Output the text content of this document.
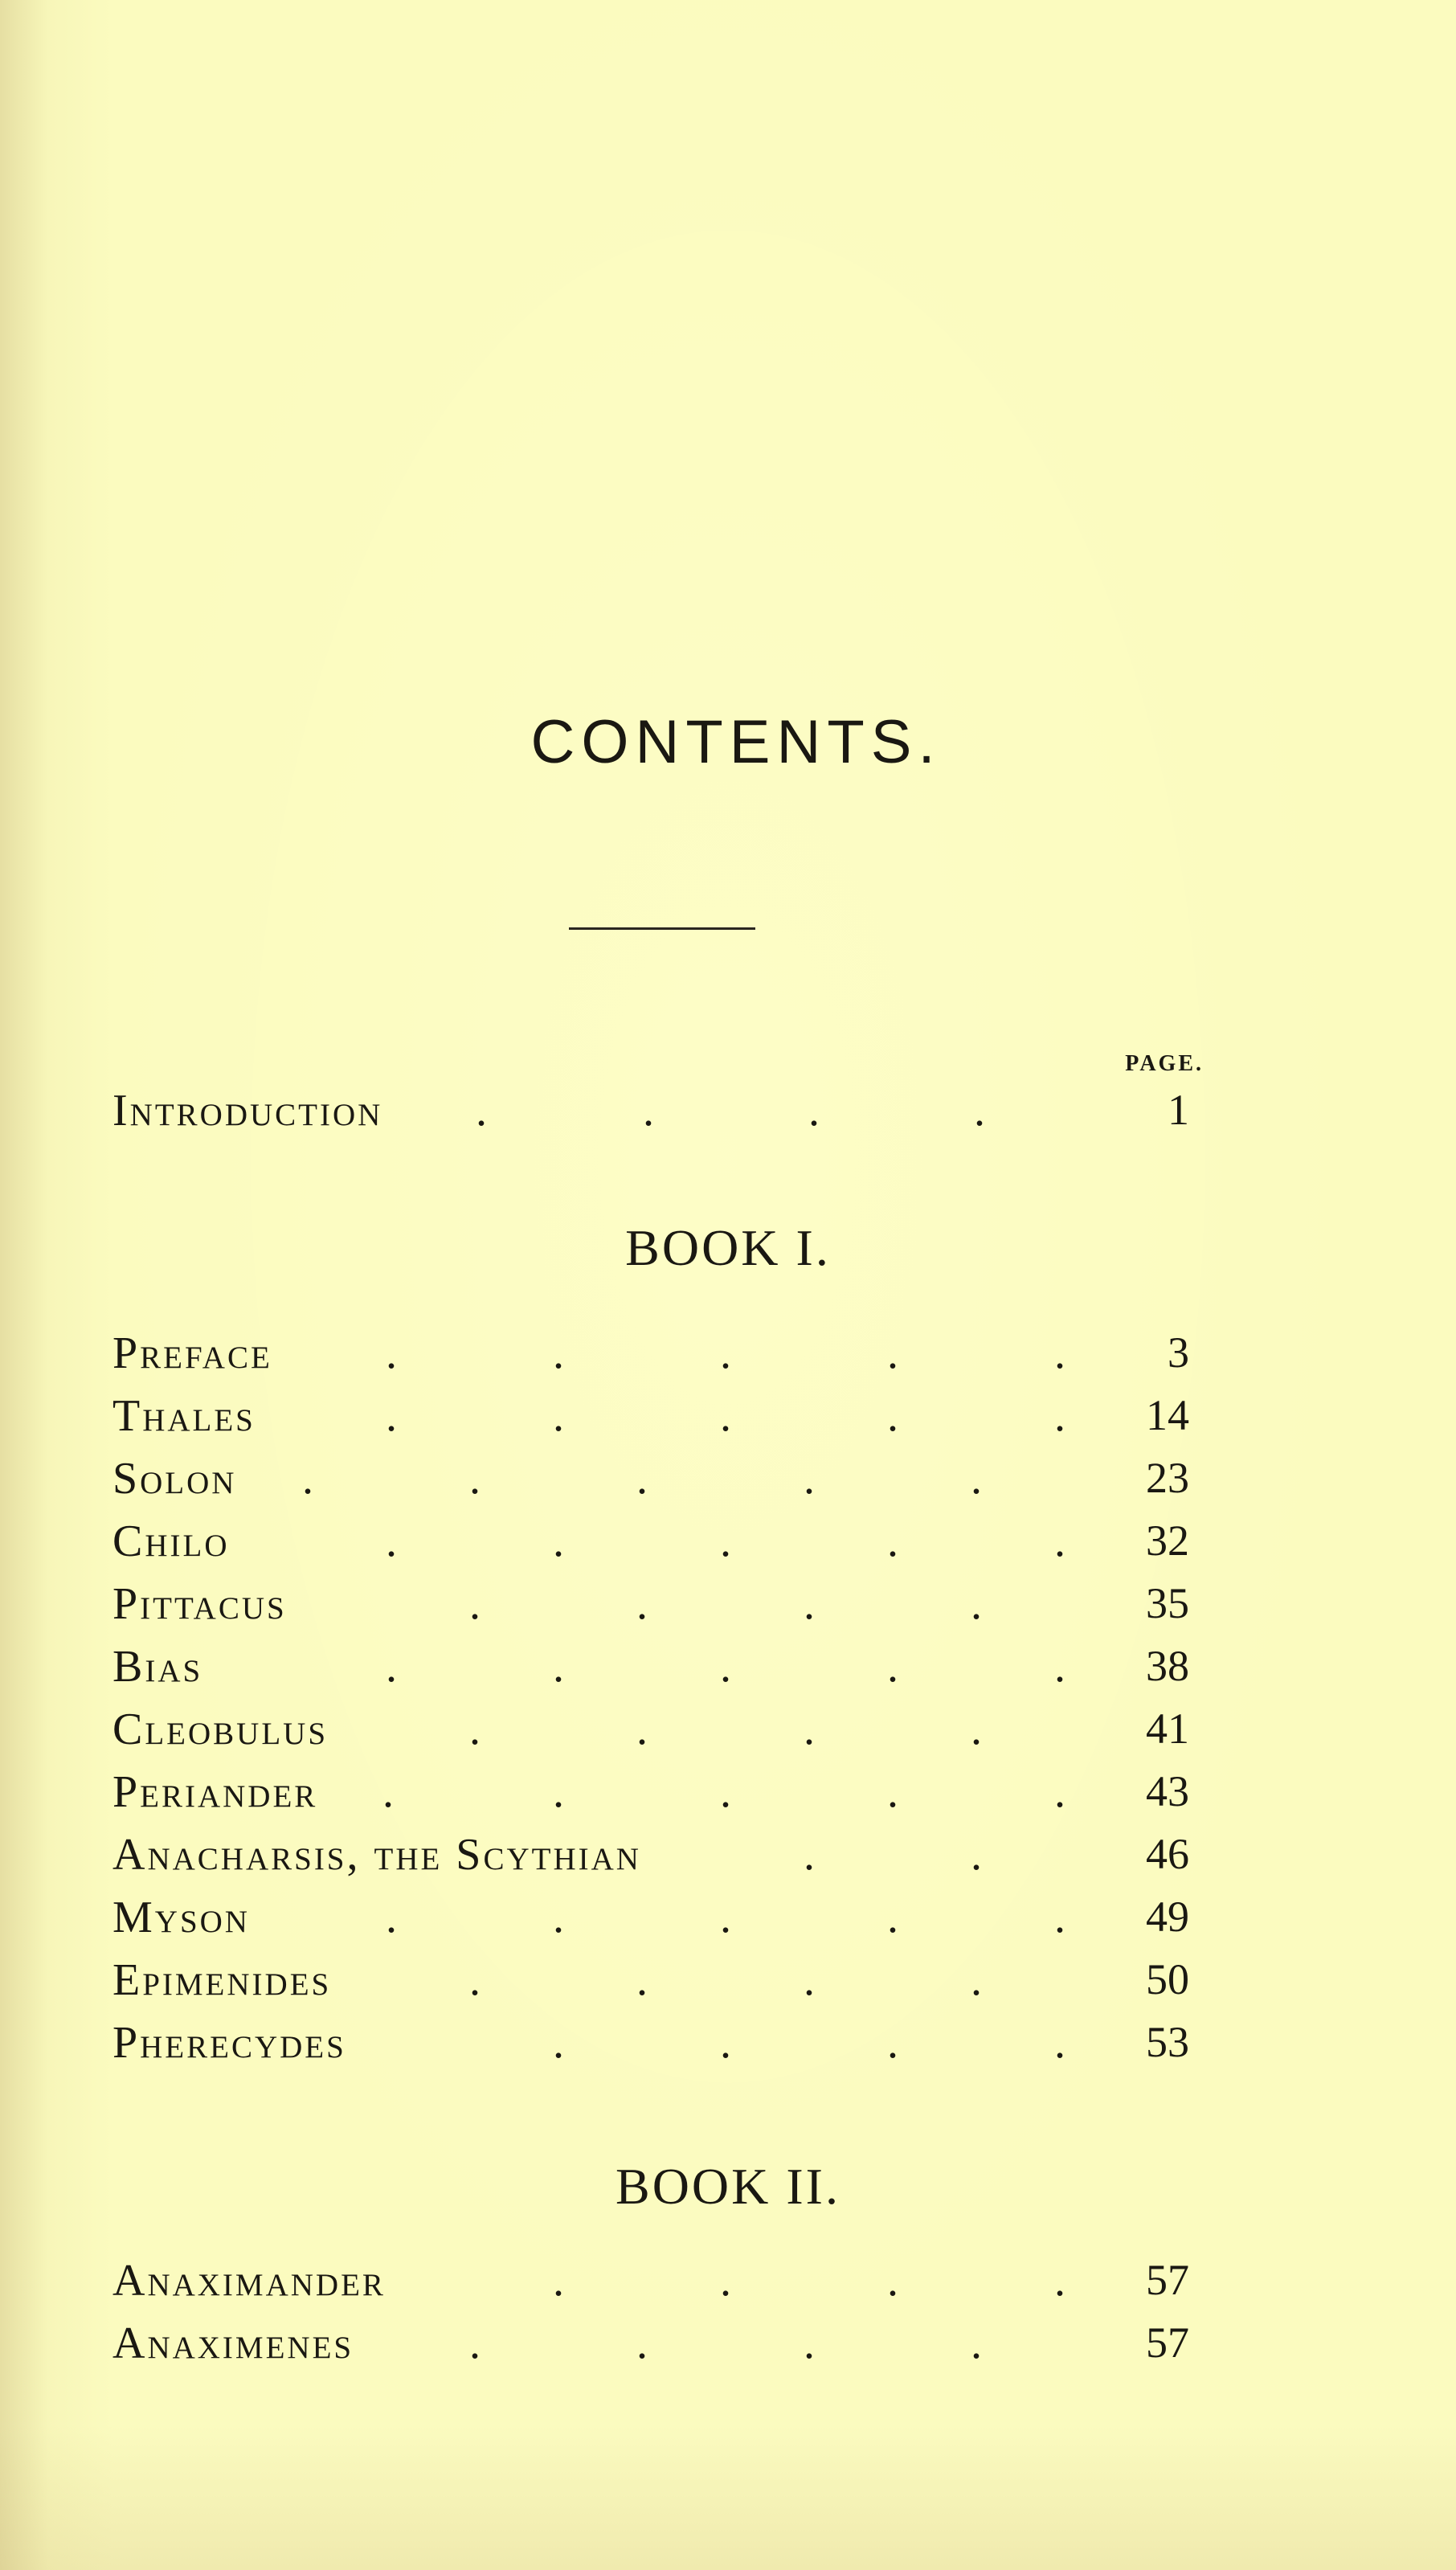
CONTENTS.
PAGE.
Introduction .	.	.	.	1
BOOK I.
Preface	.	.	.	.	.	3
Thales	.	.	.	.	.	14
Solon .	.	.	.	.	23
Chilo	.	.	.	.	.	32
Pittacus	.	.	.	.	35
Bias	.	.	.	.	.	38
Cleobulus	.	.	.	.	41
Periander .	.	.	.	.	43
Anacharsis, the Scythian	.	.	46
Myson	.	.	.	.	.	49
Epimenides	.	.	.	.	50
Pherecydes	.	.	.	.	53
BOOK II.
Anaximander	.	.	.	.	57
Anaximenes	.	.	.	.	57
